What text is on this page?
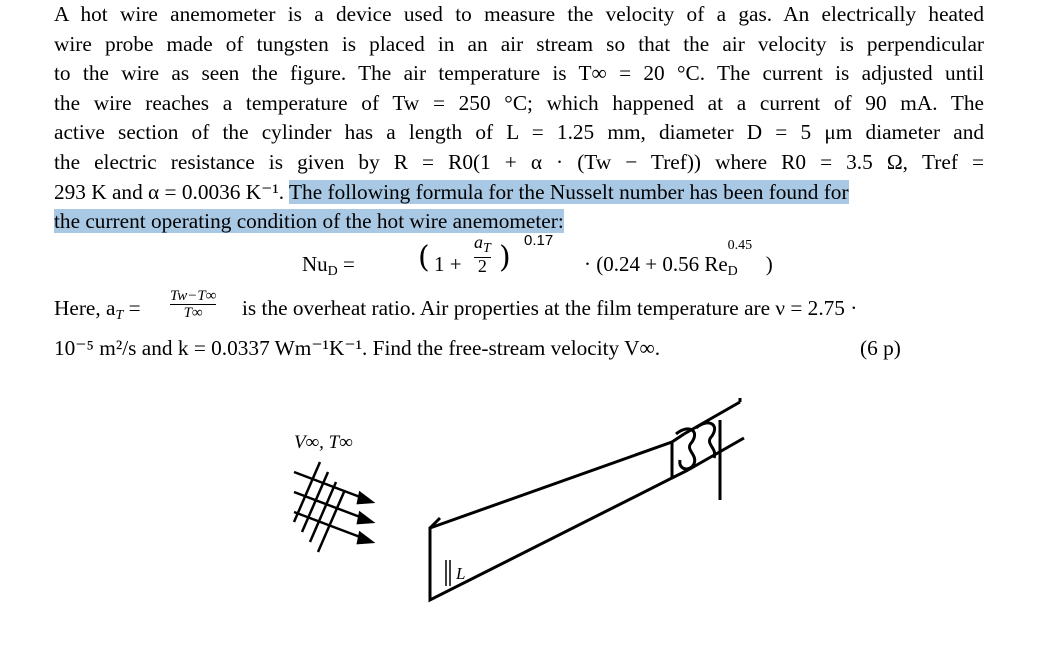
A hot wire anemometer is a device used to measure the velocity of a gas. An electrically heated
wire probe made of tungsten is placed in an air stream so that the air velocity is perpendicular
to the wire as seen the figure. The air temperature is T∞ = 20 °C. The current is adjusted until
the wire reaches a temperature of Tw = 250 °C; which happened at a current of 90 mA. The
active section of the cylinder has a length of L = 1.25 mm, diameter D = 5 μm diameter and
the electric resistance is given by R = R0(1 + α · (Tw − Tref)) where R0 = 3.5 Ω, Tref =
293 K and α = 0.0036 K⁻¹. The following formula for the Nusselt number has been found for
the current operating condition of the hot wire anemometer:
$Nu_D$ = ( 1 +
$a_T$
2 ) 0.17
· (0.24 + 0.56 $Re_D$
0.45
)
Here, $a_T = Tw-T\infty$
T∞	is the overheat ratio. Air properties at the film temperature are ν = 2.75 ·
10⁻⁵ m²/s and k = 0.0337 Wm⁻¹K⁻¹. Find the free-stream velocity V∞.	(6 p)
V∞, T∞
L
